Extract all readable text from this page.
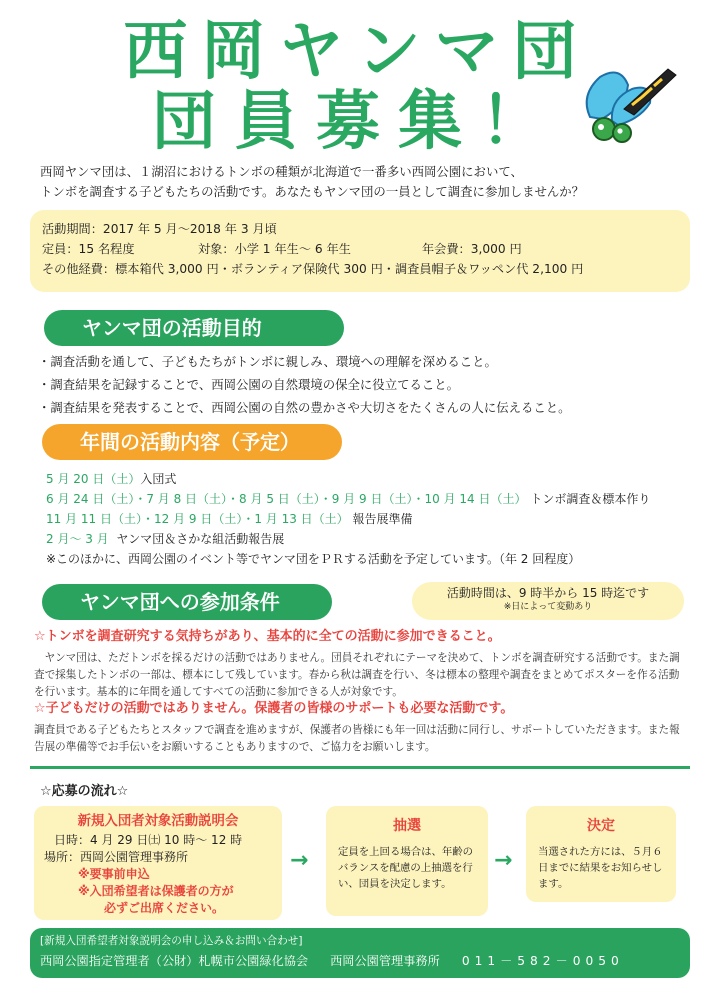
西岡ヤンマ団
団員募集！
西岡ヤンマ団は、１湖沼におけるトンボの種類が北海道で一番多い西岡公園において、
トンボを調査する子どもたちの活動です。あなたもヤンマ団の一員として調査に参加しませんか？
活動期間：2017 年 5 月～2018 年 3 月頃
定員：15 名程度	対象：小学 1 年生～ 6 年生	年会費：3,000 円
その他経費：標本箱代 3,000 円・ボランティア保険代 300 円・調査員帽子＆ワッペン代 2,100 円
ヤンマ団の活動目的
・調査活動を通して、子どもたちがトンボに親しみ、環境への理解を深めること。
・調査結果を記録することで、西岡公園の自然環境の保全に役立てること。
・調査結果を発表することで、西岡公園の自然の豊かさや大切さをたくさんの人に伝えること。
年間の活動内容（予定）
5 月 20 日（土）入団式
6 月 24 日（土）・7 月 8 日（土）・8 月 5 日（土）・9 月 9 日（土）・10 月 14 日（土） トンボ調査＆標本作り
11 月 11 日（土）・12 月 9 日（土）・1 月 13 日（土） 報告展準備
2 月～ 3 月 ヤンマ団＆さかな組活動報告展
※このほかに、西岡公園のイベント等でヤンマ団をＰＲする活動を予定しています。（年 2 回程度）
ヤンマ団への参加条件	活動時間は、9 時半から 15 時迄です
※日によって変動あり
☆トンボを調査研究する気持ちがあり、基本的に全ての活動に参加できること。
　ヤンマ団は、ただトンボを採るだけの活動ではありません。団員それぞれにテーマを決めて、トンボを調査研究する活動です。また調査で採集したトンボの一部は、標本にして残しています。春から秋は調査を行い、冬は標本の整理や調査をまとめてポスターを作る活動を行います。基本的に年間を通してすべての活動に参加できる人が対象です。
☆子どもだけの活動ではありません。保護者の皆様のサポートも必要な活動です。
調査員である子どもたちとスタッフで調査を進めますが、保護者の皆様にも年一回は活動に同行し、サポートしていただきます。また報告展の準備等でお手伝いをお願いすることもありますので、ご協力をお願いします。
☆応募の流れ☆
新規入団者対象活動説明会
日時：4 月 29 日㈯ 10 時～ 12 時
場所：西岡公園管理事務所
※要事前申込
※入団希望者は保護者の方が
必ずご出席ください。
→
抽選
定員を上回る場合は、年齢のバランスを配慮の上抽選を行い、団員を決定します。
→
決定
当選された方には、５月６日までに結果をお知らせします。
[新規入団希望者対象説明会の申し込み＆お問い合わせ]
西岡公園指定管理者（公財）札幌市公園緑化協会 西岡公園管理事務所 011－582－0050
